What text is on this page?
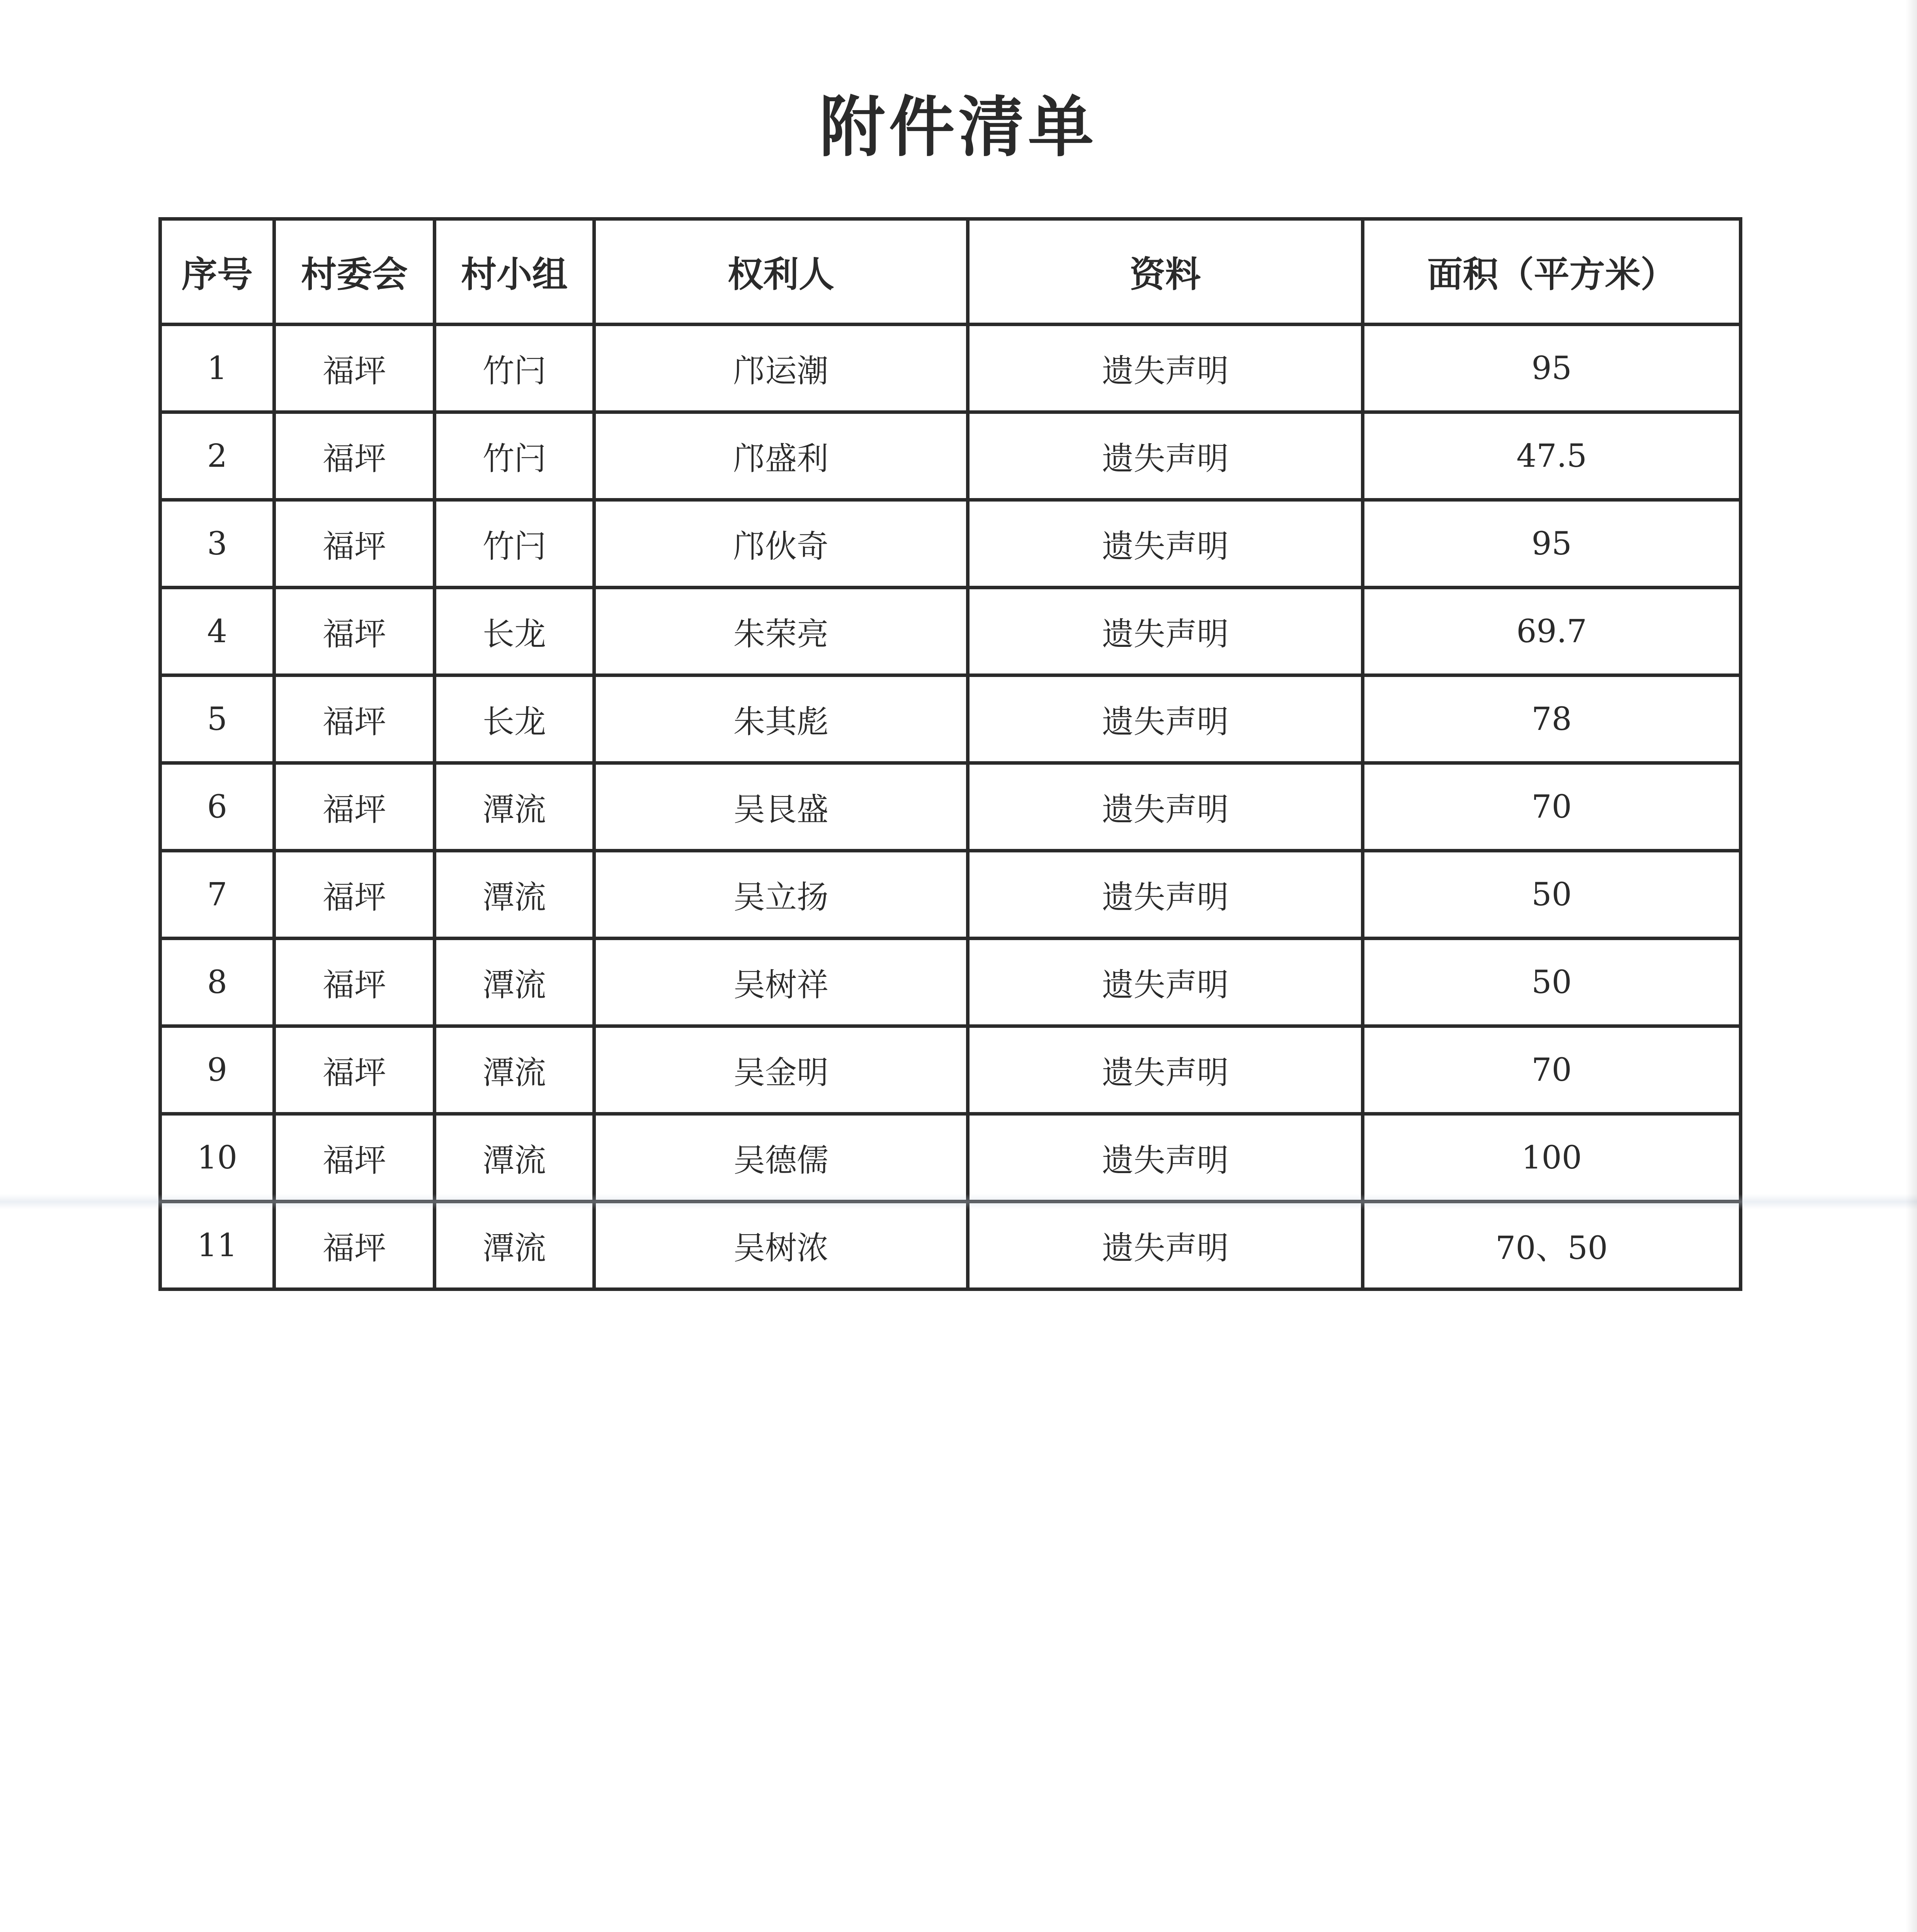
附件清单
序号	村委会	村小组	权利人	资料	面积（平方米）
1	福坪	竹闩	邝运潮	遗失声明	95
2	福坪	竹闩	邝盛利	遗失声明	47.5
3	福坪	竹闩	邝伙奇	遗失声明	95
4	福坪	长龙	朱荣亮	遗失声明	69.7
5	福坪	长龙	朱其彪	遗失声明	78
6	福坪	潭流	吴艮盛	遗失声明	70
7	福坪	潭流	吴立扬	遗失声明	50
8	福坪	潭流	吴树祥	遗失声明	50
9	福坪	潭流	吴金明	遗失声明	70
10	福坪	潭流	吴德儒	遗失声明	100
11	福坪	潭流	吴树浓	遗失声明	70、50
